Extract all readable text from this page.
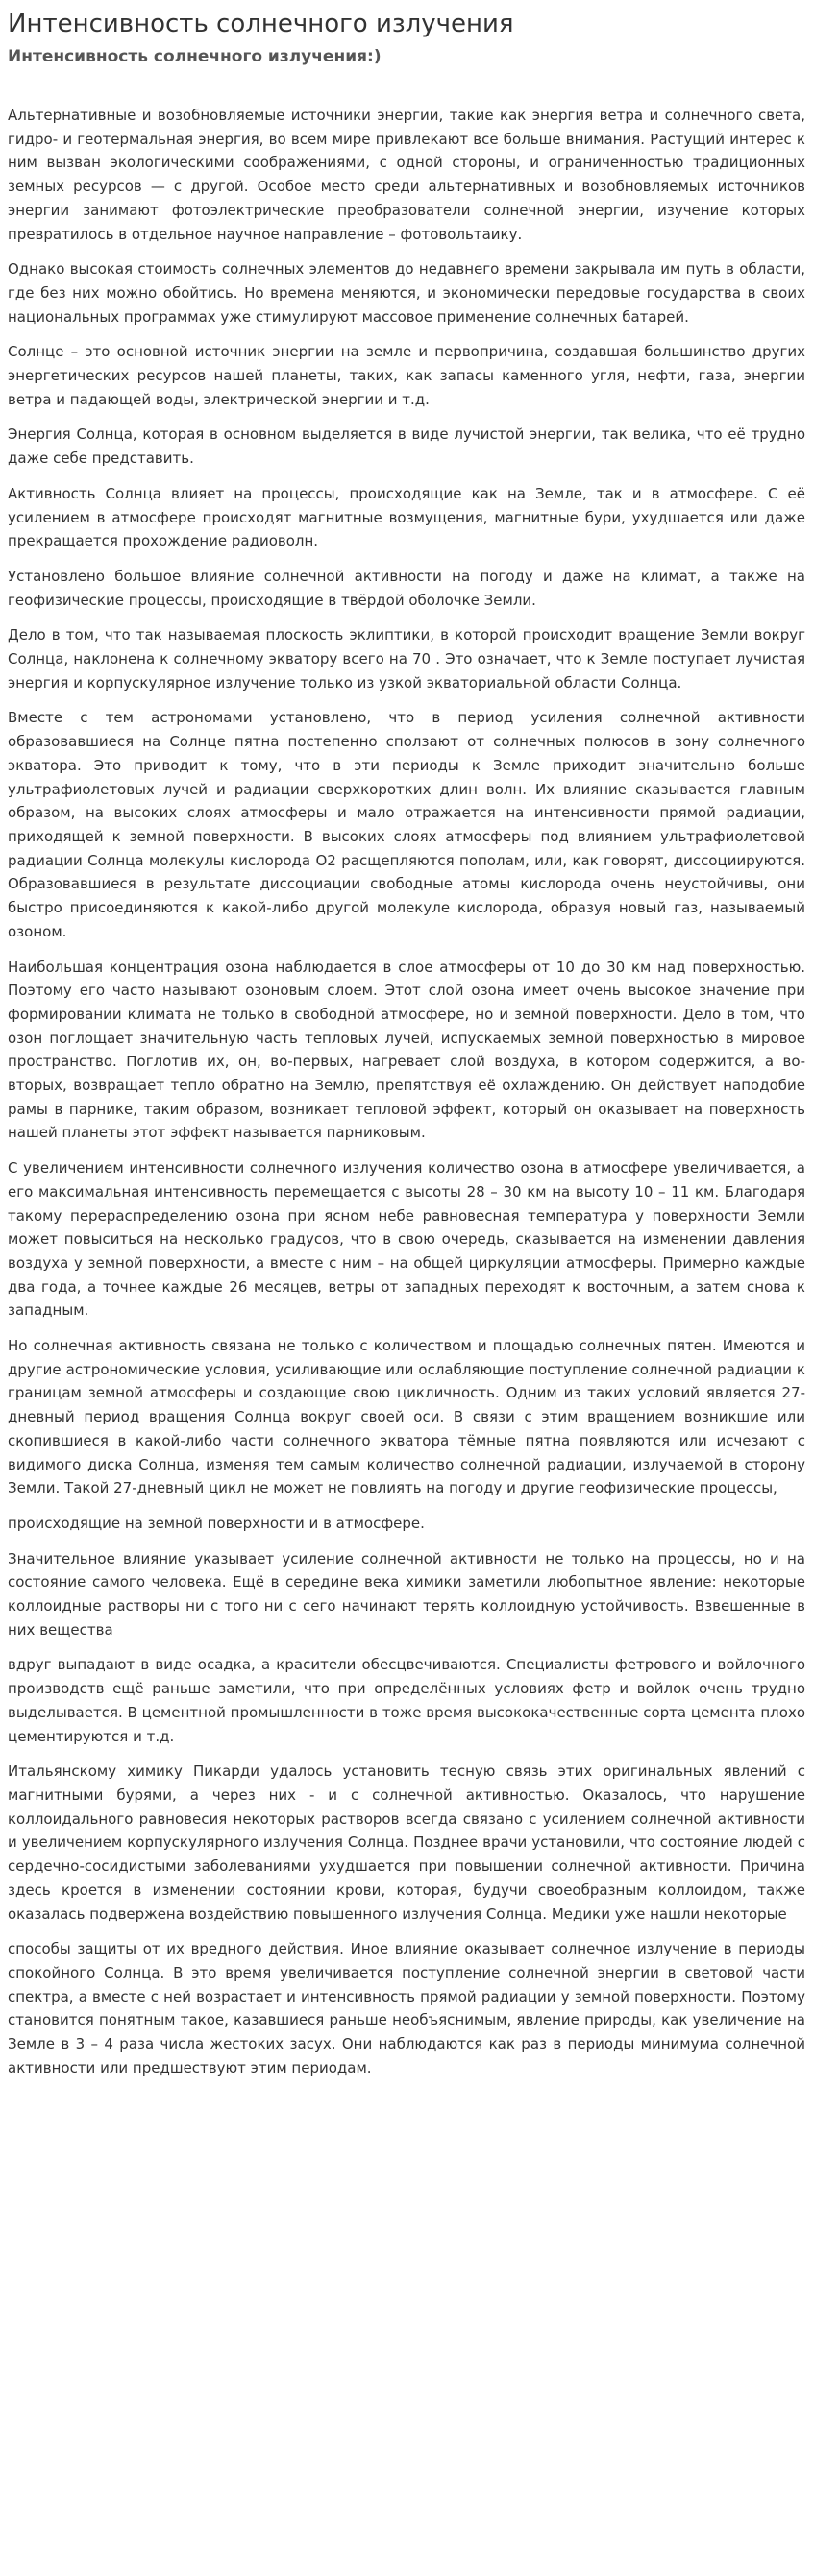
Интенсивность солнечного излучения
Интенсивность солнечного излучения:)

Альтернативные и возобновляемые источники энергии, такие как энергия ветра и солнечного света, гидро- и геотермальная энергия, во всем мире привлекают все больше внимания. Растущий интерес к ним вызван экологическими соображениями, с одной стороны, и ограниченностью традиционных земных ресурсов — с другой. Особое место среди альтернативных и возобновляемых источников энергии занимают фотоэлектрические преобразователи солнечной энергии, изучение которых превратилось в отдельное научное направление – фотовольтаику.

Однако высокая стоимость солнечных элементов до недавнего времени закрывала им путь в области, где без них можно обойтись. Но времена меняются, и экономически передовые государства в своих национальных программах уже стимулируют массовое применение солнечных батарей.

Солнце – это основной источник энергии на земле и первопричина, создавшая большинство других энергетических ресурсов нашей планеты, таких, как запасы каменного угля, нефти, газа, энергии ветра и падающей воды, электрической энергии и т.д.

Энергия Солнца, которая в основном выделяется в виде лучистой энергии, так велика, что её трудно даже себе представить.

Активность Солнца влияет на процессы, происходящие как на Земле, так и в атмосфере. С её усилением в атмосфере происходят магнитные возмущения, магнитные бури, ухудшается или даже прекращается прохождение радиоволн.

Установлено большое влияние солнечной активности на погоду и даже на климат, а также на геофизические процессы, происходящие в твёрдой оболочке Земли.

Дело в том, что так называемая плоскость эклиптики, в которой происходит вращение Земли вокруг Солнца, наклонена к солнечному экватору всего на 70 . Это означает, что к Земле поступает лучистая энергия и корпускулярное излучение только из узкой экваториальной области Солнца.

Вместе с тем астрономами установлено, что в период усиления солнечной активности образовавшиеся на Солнце пятна постепенно сползают от солнечных полюсов в зону солнечного экватора. Это приводит к тому, что в эти периоды к Земле приходит значительно больше ультрафиолетовых лучей и радиации сверхкоротких длин волн. Их влияние сказывается главным образом, на высоких слоях атмосферы и мало отражается на интенсивности прямой радиации, приходящей к земной поверхности. В высоких слоях атмосферы под влиянием ультрафиолетовой радиации Солнца молекулы кислорода О2 расщепляются пополам, или, как говорят, диссоциируются. Образовавшиеся в результате диссоциации свободные атомы кислорода очень неустойчивы, они быстро присоединяются к какой-либо другой молекуле кислорода, образуя новый газ, называемый озоном.

Наибольшая концентрация озона наблюдается в слое атмосферы от 10 до 30 км над поверхностью. Поэтому его часто называют озоновым слоем. Этот слой озона имеет очень высокое значение при формировании климата не только в свободной атмосфере, но и земной поверхности. Дело в том, что озон поглощает значительную часть тепловых лучей, испускаемых земной поверхностью в мировое пространство. Поглотив их, он, во-первых, нагревает слой воздуха, в котором содержится, а во-вторых, возвращает тепло обратно на Землю, препятствуя её охлаждению. Он действует наподобие рамы в парнике, таким образом, возникает тепловой эффект, который он оказывает на поверхность нашей планеты этот эффект называется парниковым.

С увеличением интенсивности солнечного излучения количество озона в атмосфере увеличивается, а его максимальная интенсивность перемещается с высоты 28 – 30 км на высоту 10 – 11 км. Благодаря такому перераспределению озона при ясном небе равновесная температура у поверхности Земли может повыситься на несколько градусов, что в свою очередь, сказывается на изменении давления воздуха у земной поверхности, а вместе с ним – на общей циркуляции атмосферы. Примерно каждые два года, а точнее каждые 26 месяцев, ветры от западных переходят к восточным, а затем снова к западным.

Но солнечная активность связана не только с количеством и площадью солнечных пятен. Имеются и другие астрономические условия, усиливающие или ослабляющие поступление солнечной радиации к границам земной атмосферы и создающие свою цикличность. Одним из таких условий является 27-дневный период вращения Солнца вокруг своей оси. В связи с этим вращением возникшие или скопившиеся в какой-либо части солнечного экватора тёмные пятна появляются или исчезают с видимого диска Солнца, изменяя тем самым количество солнечной радиации, излучаемой в сторону Земли. Такой 27-дневный цикл не может не повлиять на погоду и другие геофизические процессы,

происходящие на земной поверхности и в атмосфере.

Значительное влияние указывает усиление солнечной активности не только на процессы, но и на состояние самого человека. Ещё в середине века химики заметили любопытное явление: некоторые коллоидные растворы ни с того ни с сего начинают терять коллоидную устойчивость. Взвешенные в них вещества

вдруг выпадают в виде осадка, а красители обесцвечиваются. Специалисты фетрового и войлочного производств ещё раньше заметили, что при определённых условиях фетр и войлок очень трудно выделывается. В цементной промышленности в тоже время высококачественные сорта цемента плохо цементируются и т.д.

Итальянскому химику Пикарди удалось установить тесную связь этих оригинальных явлений с магнитными бурями, а через них - и с солнечной активностью. Оказалось, что нарушение коллоидального равновесия некоторых растворов всегда связано с усилением солнечной активности и увеличением корпускулярного излучения Солнца. Позднее врачи установили, что состояние людей с сердечно-сосидистыми заболеваниями ухудшается при повышении солнечной активности. Причина здесь кроется в изменении состоянии крови, которая, будучи своеобразным коллоидом, также оказалась подвержена воздействию повышенного излучения Солнца. Медики уже нашли некоторые

способы защиты от их вредного действия. Иное влияние оказывает солнечное излучение в периоды спокойного Солнца. В это время увеличивается поступление солнечной энергии в световой части спектра, а вместе с ней возрастает и интенсивность прямой радиации у земной поверхности. Поэтому становится понятным такое, казавшиеся раньше необъяснимым, явление природы, как увеличение на Земле в 3 – 4 раза числа жестоких засух. Они наблюдаются как раз в периоды минимума солнечной активности или предшествуют этим периодам.
